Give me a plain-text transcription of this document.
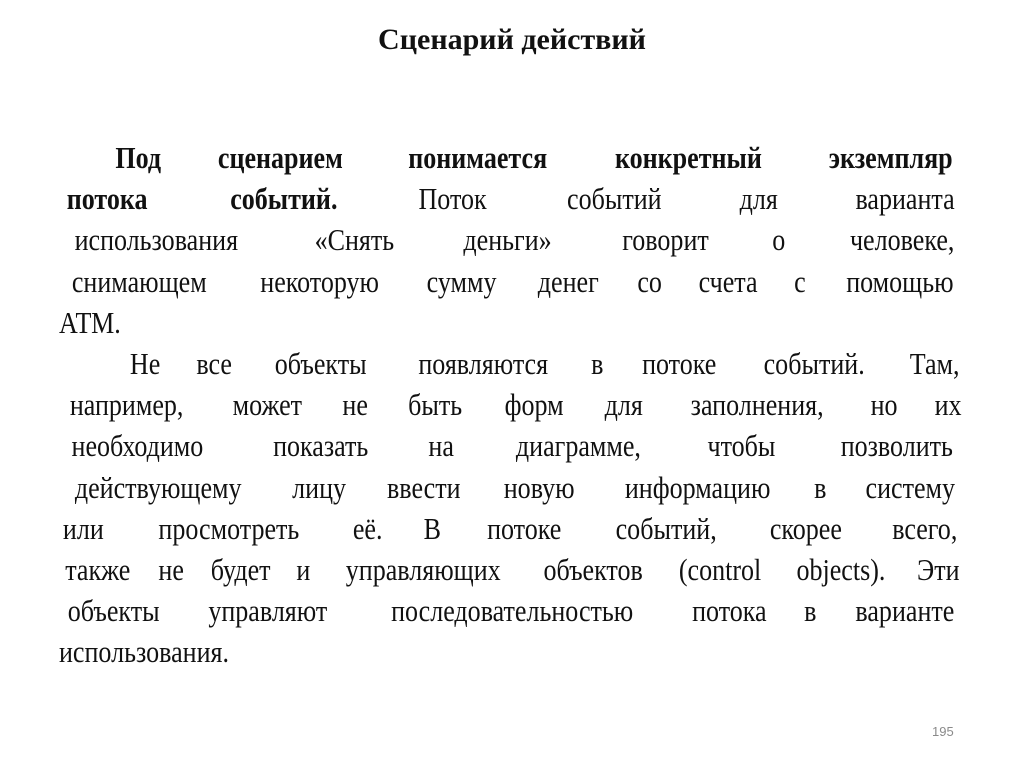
Сценарий действий
Под сценарием понимается конкретный экземпляр
потока	событий.	Поток	событий для	варианта
использования «Снять деньги» говорит о человеке,
снимающем некоторую сумму денег со счета с помощью
АТМ.
Не все объекты появляются в потоке событий. Там,
например, может не быть форм для заполнения, но их
необходимо показать на диаграмме, чтобы позволить
действующему лицу ввести новую информацию в систему
или просмотреть её. В потоке событий, скорее всего,
также не будет и управляющих объектов (control objects). Эти
объекты управляют последовательностью потока в варианте
использования.
195
